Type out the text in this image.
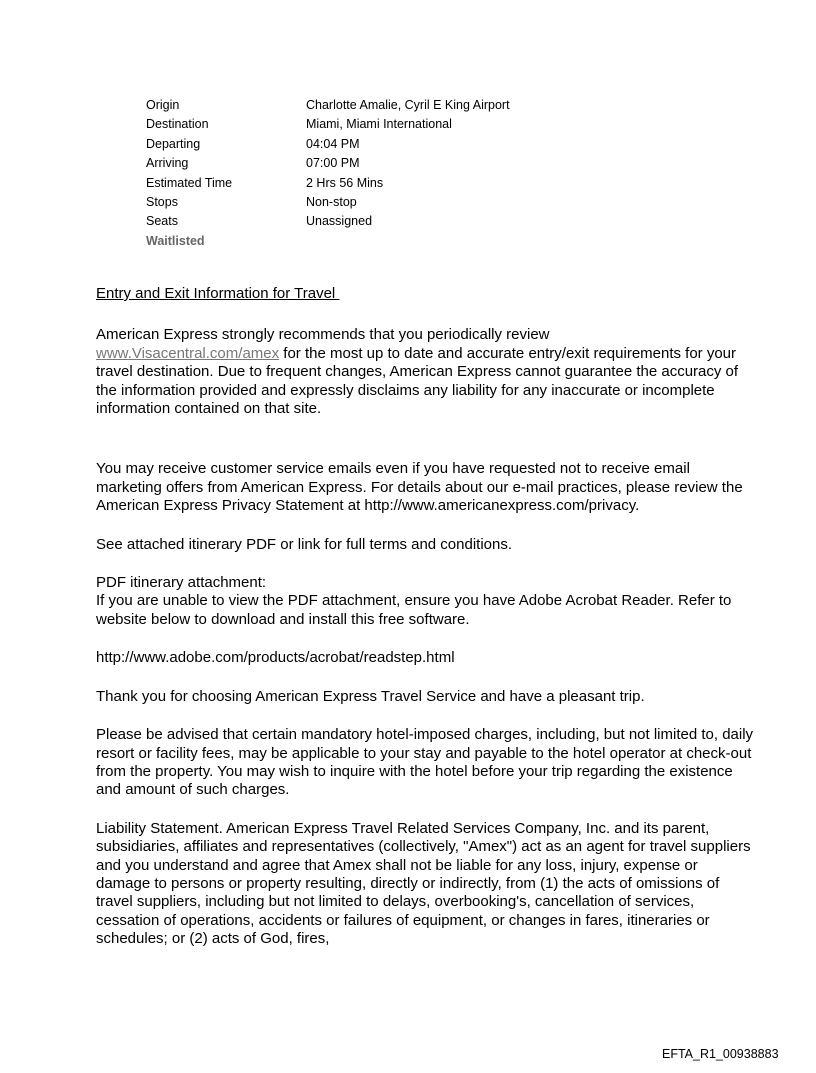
Origin	Charlotte Amalie, Cyril E King Airport
Destination	Miami, Miami International
Departing	04:04 PM
Arriving	07:00 PM
Estimated Time	2 Hrs 56 Mins
Stops	Non-stop
Seats	Unassigned
Waitlisted

Entry and Exit Information for Travel

American Express strongly recommends that you periodically review
www.Visacentral.com/amex for the most up to date and accurate entry/exit requirements for your travel destination. Due to frequent changes, American Express cannot guarantee the accuracy of the information provided and expressly disclaims any liability for any inaccurate or incomplete information contained on that site.

You may receive customer service emails even if you have requested not to receive email marketing offers from American Express. For details about our e-mail practices, please review the American Express Privacy Statement at http://www.americanexpress.com/privacy.

See attached itinerary PDF or link for full terms and conditions.

PDF itinerary attachment:

If you are unable to view the PDF attachment, ensure you have Adobe Acrobat Reader. Refer to website below to download and install this free software.

http://www.adobe.com/products/acrobat/readstep.html

Thank you for choosing American Express Travel Service and have a pleasant trip.

Please be advised that certain mandatory hotel-imposed charges, including, but not limited to, daily resort or facility fees, may be applicable to your stay and payable to the hotel operator at check-out from the property. You may wish to inquire with the hotel before your trip regarding the existence and amount of such charges.

Liability Statement. American Express Travel Related Services Company, Inc. and its parent, subsidiaries, affiliates and representatives (collectively, "Amex") act as an agent for travel suppliers and you understand and agree that Amex shall not be liable for any loss, injury, expense or damage to persons or property resulting, directly or indirectly, from (1) the acts of omissions of travel suppliers, including but not limited to delays, overbooking's, cancellation of services, cessation of operations, accidents or failures of equipment, or changes in fares, itineraries or schedules; or (2) acts of God, fires,

EFTA_R1_00938883
